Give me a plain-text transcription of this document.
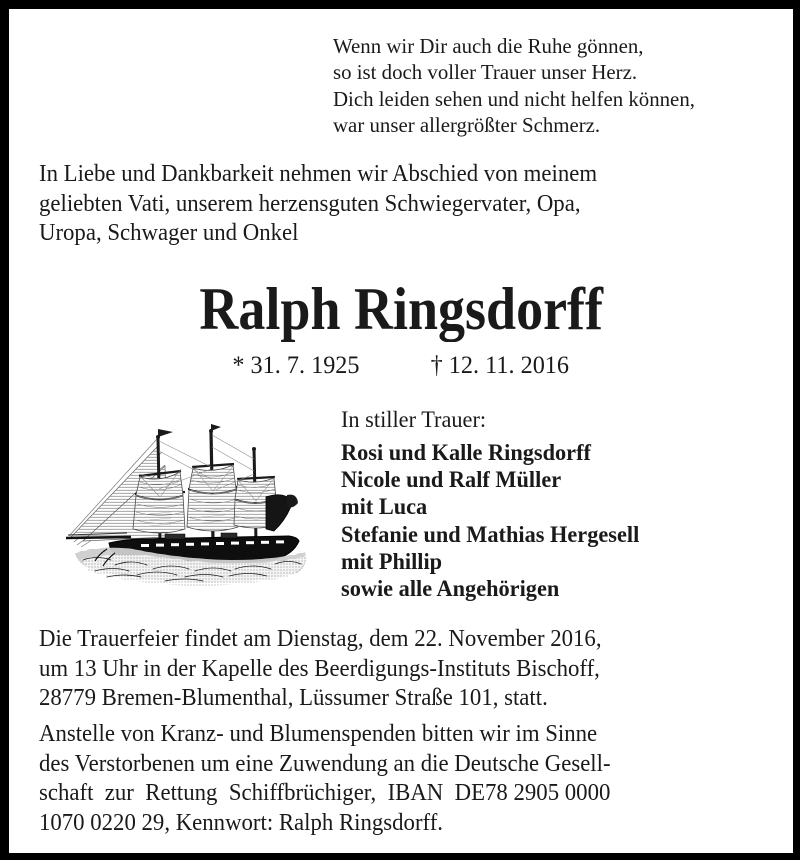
Wenn wir Dir auch die Ruhe gönnen,
so ist doch voller Trauer unser Herz.
Dich leiden sehen und nicht helfen können,
war unser allergrößter Schmerz.
In Liebe und Dankbarkeit nehmen wir Abschied von meinem
geliebten Vati, unserem herzensguten Schwiegervater, Opa,
Uropa, Schwager und Onkel
Ralph Ringsdorff
* 31. 7. 1925	† 12. 11. 2016
In stiller Trauer:
Rosi und Kalle Ringsdorff
Nicole und Ralf Müller
mit Luca
Stefanie und Mathias Hergesell
mit Phillip
sowie alle Angehörigen
Die Trauerfeier findet am Dienstag, dem 22. November 2016,
um 13 Uhr in der Kapelle des Beerdigungs-Instituts Bischoff,
28779 Bremen-Blumenthal, Lüssumer Straße 101, statt.
Anstelle von Kranz- und Blumenspenden bitten wir im Sinne
des Verstorbenen um eine Zuwendung an die Deutsche Gesell-
schaft  zur  Rettung  Schiffbrüchiger,  IBAN  DE78 2905 0000
1070 0220 29, Kennwort: Ralph Ringsdorff.
